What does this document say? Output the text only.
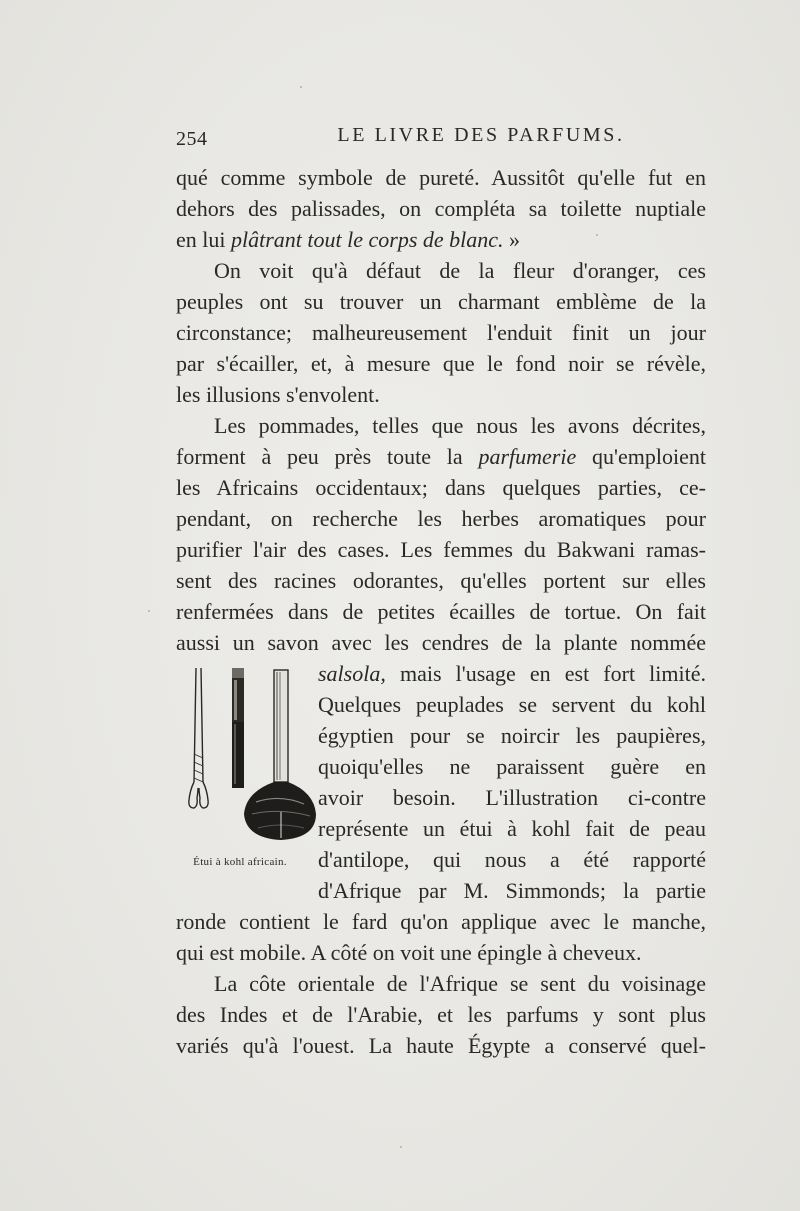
254	LE LIVRE DES PARFUMS.
qué comme symbole de pureté. Aussitôt qu'elle fut en
dehors des palissades, on compléta sa toilette nuptiale
en lui plâtrant tout le corps de blanc. »
On voit qu'à défaut de la fleur d'oranger, ces
peuples ont su trouver un charmant emblème de la
circonstance; malheureusement l'enduit finit un jour
par s'écailler, et, à mesure que le fond noir se révèle,
les illusions s'envolent.
Les pommades, telles que nous les avons décrites,
forment à peu près toute la parfumerie qu'emploient
les Africains occidentaux; dans quelques parties, ce-
pendant, on recherche les herbes aromatiques pour
purifier l'air des cases. Les femmes du Bakwani ramas-
sent des racines odorantes, qu'elles portent sur elles
renfermées dans de petites écailles de tortue. On fait
aussi un savon avec les cendres de la plante nommée
salsola, mais l'usage en est fort limité.
Quelques peuplades se servent du kohl
égyptien pour se noircir les paupières,
quoiqu'elles ne paraissent guère en
avoir besoin. L'illustration ci-contre
représente un étui à kohl fait de peau
d'antilope, qui nous a été rapporté
d'Afrique par M. Simmonds; la partie
ronde contient le fard qu'on applique avec le manche,
qui est mobile. A côté on voit une épingle à cheveux.
La côte orientale de l'Afrique se sent du voisinage
des Indes et de l'Arabie, et les parfums y sont plus
variés qu'à l'ouest. La haute Égypte a conservé quel-
Étui à kohl africain.
